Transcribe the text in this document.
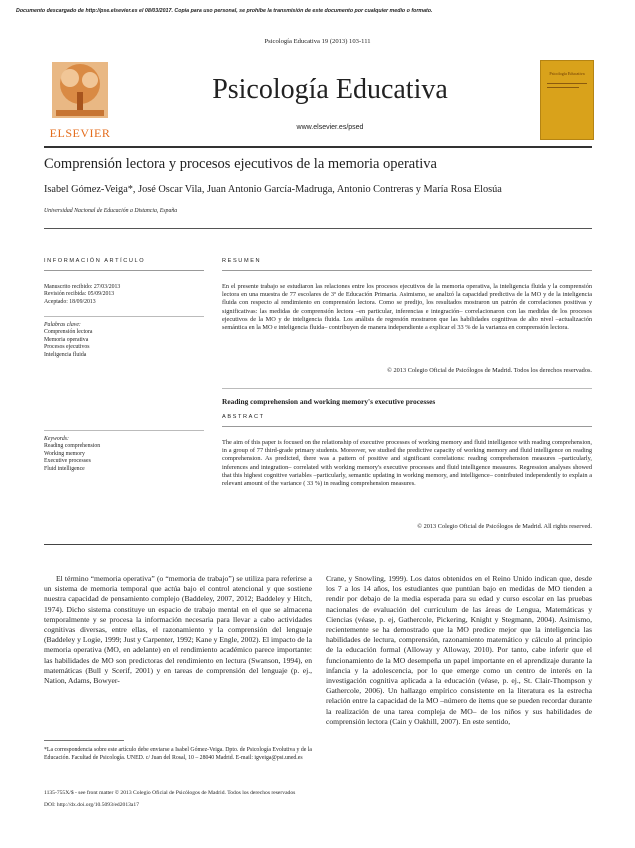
Documento descargado de http://pse.elsevier.es el 08/03/2017. Copia para uso personal, se prohíbe la transmisión de este documento por cualquier medio o formato.
Psicología Educativa 19 (2013) 103-111
ELSEVIER
Psicología Educativa
www.elsevier.es/psed
Psicología Educativa
Comprensión lectora y procesos ejecutivos de la memoria operativa
Isabel Gómez-Veiga*, José Oscar Vila, Juan Antonio García-Madruga, Antonio Contreras y María Rosa Elosúa
Universidad Nacional de Educación a Distancia, España
INFORMACIÓN ARTÍCULO
Manuscrito recibido: 27/03/2013
Revisión recibida: 05/09/2013
Aceptado: 18/09/2013
Palabras clave:
Comprensión lectora
Memoria operativa
Procesos ejecutivos
Inteligencia fluida
Keywords:
Reading comprehension
Working memory
Executive processes
Fluid intelligence
RESUMEN
En el presente trabajo se estudiaron las relaciones entre los procesos ejecutivos de la memoria operativa, la inteligencia fluida y la comprensión lectora en una muestra de 77 escolares de 3º de Educación Primaria. Asimismo, se analizó la capacidad predictiva de la MO y de la inteligencia fluida con respecto al rendimiento en comprensión lectora. Como se predijo, los resultados mostraron un patrón de correlaciones positivas y significativas: las medidas de comprensión lectora –en particular, inferencias e integración– correlacionaron con las medidas de los procesos ejecutivos de la MO y de inteligencia fluida. Los análisis de regresión mostraron que las habilidades cognitivas de alto nivel –actualización semántica en la MO e inteligencia fluida– contribuyen de manera independiente a explicar el 33 % de la varianza en comprensión lectora.
© 2013 Colegio Oficial de Psicólogos de Madrid. Todos los derechos reservados.
Reading comprehension and working memory's executive processes
ABSTRACT
The aim of this paper is focused on the relationship of executive processes of working memory and fluid intelligence with reading comprehension, in a group of 77 third-grade primary students. Moreover, we studied the predictive capacity of working memory and fluid intelligence on reading comprehension. As predicted, there was a pattern of positive and significant correlations: reading comprehension measures –particularly, inferences and integration– correlated with working memory's executive processes and fluid intelligence measures. Regression analyses showed that this highest cognitive variables –particularly, semantic updating in working memory, and intelligence– contributed independently to explain a relevant amount of the variance ( 33 %) in reading comprehension measures.
© 2013 Colegio Oficial de Psicólogos de Madrid. All rights reserved.
El término “memoria operativa” (o “memoria de trabajo”) se utiliza para referirse a un sistema de memoria temporal que actúa bajo el control atencional y que sostiene nuestra capacidad de pensamiento complejo (Baddeley, 2007, 2012; Baddeley y Hitch, 1974). Dicho sistema constituye un espacio de trabajo mental en el que se almacena temporalmente y se procesa la información necesaria para llevar a cabo actividades cognitivas diversas, entre ellas, el razonamiento y la comprensión del lenguaje (Baddeley y Logie, 1999; Just y Carpenter, 1992; Kane y Engle, 2002). El impacto de la memoria operativa (MO, en adelante) en el rendimiento académico parece importante: las habilidades de MO son predictoras del rendimiento en lectura (Swanson, 1994), en matemáticas (Bull y Scerif, 2001) y en tareas de comprensión del lenguaje (p. ej., Nation, Adams, Bowyer-
Crane, y Snowling, 1999). Los datos obtenidos en el Reino Unido indican que, desde los 7 a los 14 años, los estudiantes que puntúan bajo en medidas de MO tienden a rendir por debajo de la media esperada para su edad y curso escolar en las pruebas nacionales de evaluación del currículum de las áreas de Lengua, Matemáticas y Ciencias (véase, p. ej, Gathercole, Pickering, Knight y Stegmann, 2004). Asimismo, recientemente se ha demostrado que la MO predice mejor que la inteligencia las habilidades de lectura, comprensión, razonamiento matemático y cálculo al principio de la educación formal (Alloway y Alloway, 2010). Por tanto, cabe inferir que el funcionamiento de la MO desempeña un papel importante en el aprendizaje durante la infancia y la adolescencia, por lo que emerge como un centro de interés en la investigación cognitiva aplicada a la educación (véase, p. ej., St. Clair-Thompson y Gathercole, 2006). Un hallazgo empírico consistente en la literatura es la estrecha relación entre la capacidad de la MO –número de ítems que se pueden recordar durante la realización de una tarea compleja de MO– de los niños y sus habilidades de comprensión lectora (Cain y Oakhill, 2007). En este sentido,
*La correspondencia sobre este artículo debe enviarse a Isabel Gómez-Veiga. Dpto. de Psicología Evolutiva y de la Educación. Facultad de Psicología. UNED. c/ Juan del Rosal, 10 – 28040 Madrid. E-mail: igveiga@psi.uned.es
1135-755X/$ - see front matter © 2013 Colegio Oficial de Psicólogos de Madrid. Todos los derechos reservados
DOI: http://dx.doi.org/10.5093/ed2013a17
